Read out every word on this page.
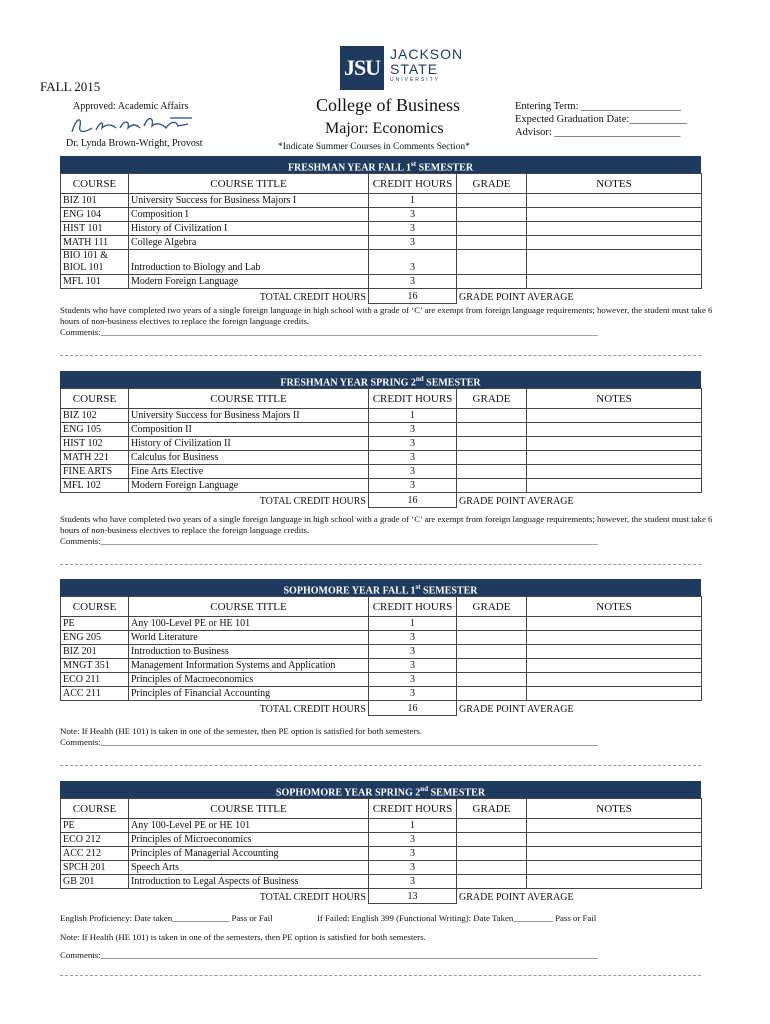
JSU
JACKSON
STATE
UNIVERSITY
FALL 2015
Approved: Academic Affairs
Dr. Lynda Brown-Wright, Provost
College of Business
Major: Economics
*Indicate Summer Courses in Comments Section*
Entering Term: ___________________
Expected Graduation Date:___________
Advisor: ________________________
FRESHMAN YEAR FALL 1st SEMESTER
COURSE	COURSE TITLE	CREDIT HOURS	GRADE	NOTES
BIZ 101	University Success for Business Majors I	1		
ENG 104	Composition I	3		
HIST 101	History of Civilization I	3		
MATH 111	College Algebra	3		
BIO 101 &
BIOL 101	Introduction to Biology and Lab	3		
MFL 101	Modern Foreign Language	3		
TOTAL CREDIT HOURS		16	GRADE POINT AVERAGE	
Students who have completed two years of a single foreign language in high school with a grade of ‘C’ are exempt from foreign language requirements; however, the student must take 6 hours of non-business electives to replace the foreign language credits.
Comments:_________________________________________________________________________________________________________________
FRESHMAN YEAR SPRING 2nd SEMESTER
COURSE	COURSE TITLE	CREDIT HOURS	GRADE	NOTES
BIZ 102	University Success for Business Majors II	1		
ENG 105	Composition II	3		
HIST 102	History of Civilization II	3		
MATH 221	Calculus for Business	3		
FINE ARTS	Fine Arts Elective	3		
MFL 102	Modern Foreign Language	3		
TOTAL CREDIT HOURS		16	GRADE POINT AVERAGE	
Students who have completed two years of a single foreign language in high school with a grade of ‘C’ are exempt from foreign language requirements; however, the student must take 6 hours of non-business electives to replace the foreign language credits.
Comments:_________________________________________________________________________________________________________________
SOPHOMORE YEAR FALL 1st SEMESTER
COURSE	COURSE TITLE	CREDIT HOURS	GRADE	NOTES
PE	Any 100-Level PE or HE 101	1		
ENG 205	World Literature	3		
BIZ 201	Introduction to Business	3		
MNGT 351	Management Information Systems and Application	3		
ECO 211	Principles of Macroeconomics	3		
ACC 211	Principles of Financial Accounting	3		
TOTAL CREDIT HOURS		16	GRADE POINT AVERAGE	
Note: If Health (HE 101) is taken in one of the semester, then PE option is satisfied for both semesters.
Comments:_________________________________________________________________________________________________________________
SOPHOMORE YEAR SPRING 2nd SEMESTER
COURSE	COURSE TITLE	CREDIT HOURS	GRADE	NOTES
PE	Any 100-Level PE or HE 101	1		
ECO 212	Principles of Microeconomics	3		
ACC 212	Principles of Managerial Accounting	3		
SPCH 201	Speech Arts	3		
GB 201	Introduction to Legal Aspects of Business	3		
TOTAL CREDIT HOURS		13	GRADE POINT AVERAGE	
English Proficiency: Date taken_____________ Pass or Fail	If Failed: English 399 (Functional Writing): Date Taken_________ Pass or Fail
Note: If Health (HE 101) is taken in one of the semesters, then PE option is satisfied for both semesters.
Comments:_________________________________________________________________________________________________________________
